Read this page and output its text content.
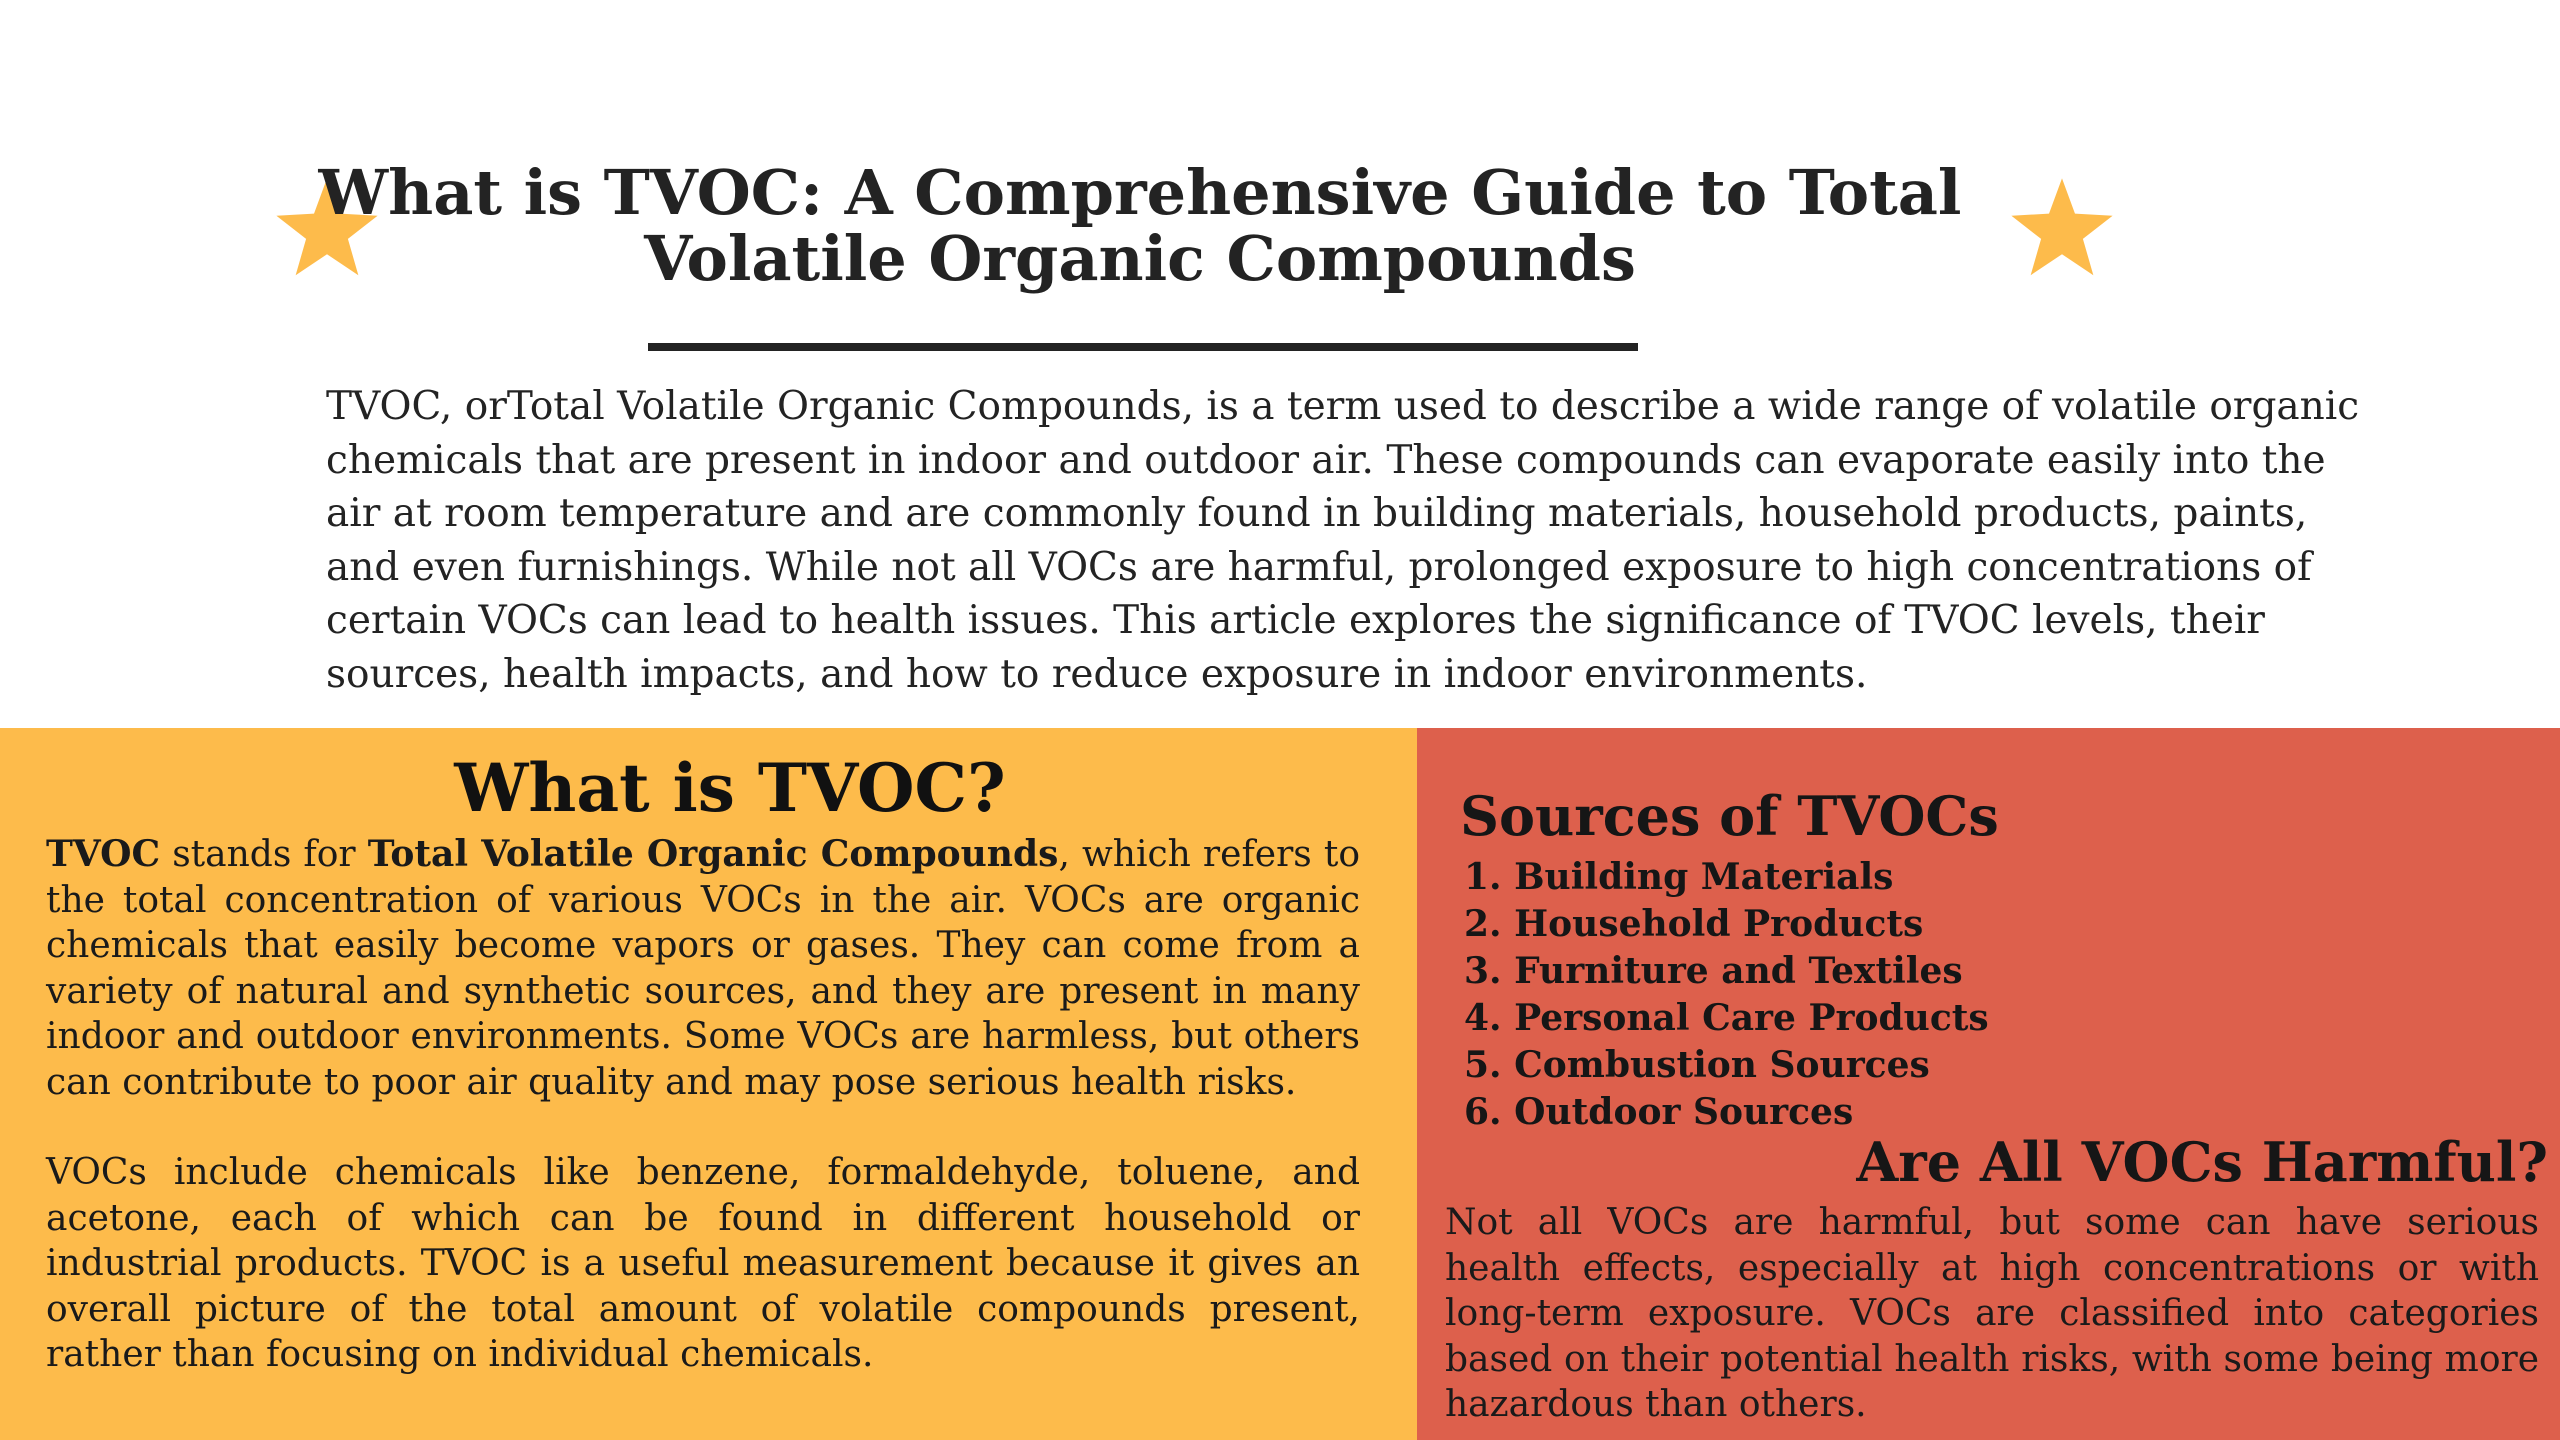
What is TVOC: A Comprehensive Guide to Total
Volatile Organic Compounds

TVOC, orTotal Volatile Organic Compounds, is a term used to describe a wide range of volatile organic chemicals that are present in indoor and outdoor air. These compounds can evaporate easily into the air at room temperature and are commonly found in building materials, household products, paints, and even furnishings. While not all VOCs are harmful, prolonged exposure to high concentrations of certain VOCs can lead to health issues. This article explores the significance of TVOC levels, their sources, health impacts, and how to reduce exposure in indoor environments.

What is TVOC?

TVOC stands for Total Volatile Organic Compounds, which refers to the total concentration of various VOCs in the air. VOCs are organic chemicals that easily become vapors or gases. They can come from a variety of natural and synthetic sources, and they are present in many indoor and outdoor environments. Some VOCs are harmless, but others can contribute to poor air quality and may pose serious health risks.

VOCs include chemicals like benzene, formaldehyde, toluene, and acetone, each of which can be found in different household or industrial products. TVOC is a useful measurement because it gives an overall picture of the total amount of volatile compounds present, rather than focusing on individual chemicals.

Sources of TVOCs
1. Building Materials
2. Household Products
3. Furniture and Textiles
4. Personal Care Products
5. Combustion Sources
6. Outdoor Sources
Are All VOCs Harmful?

Not all VOCs are harmful, but some can have serious health effects, especially at high concentrations or with long-term exposure. VOCs are classified into categories based on their potential health risks, with some being more hazardous than others.
